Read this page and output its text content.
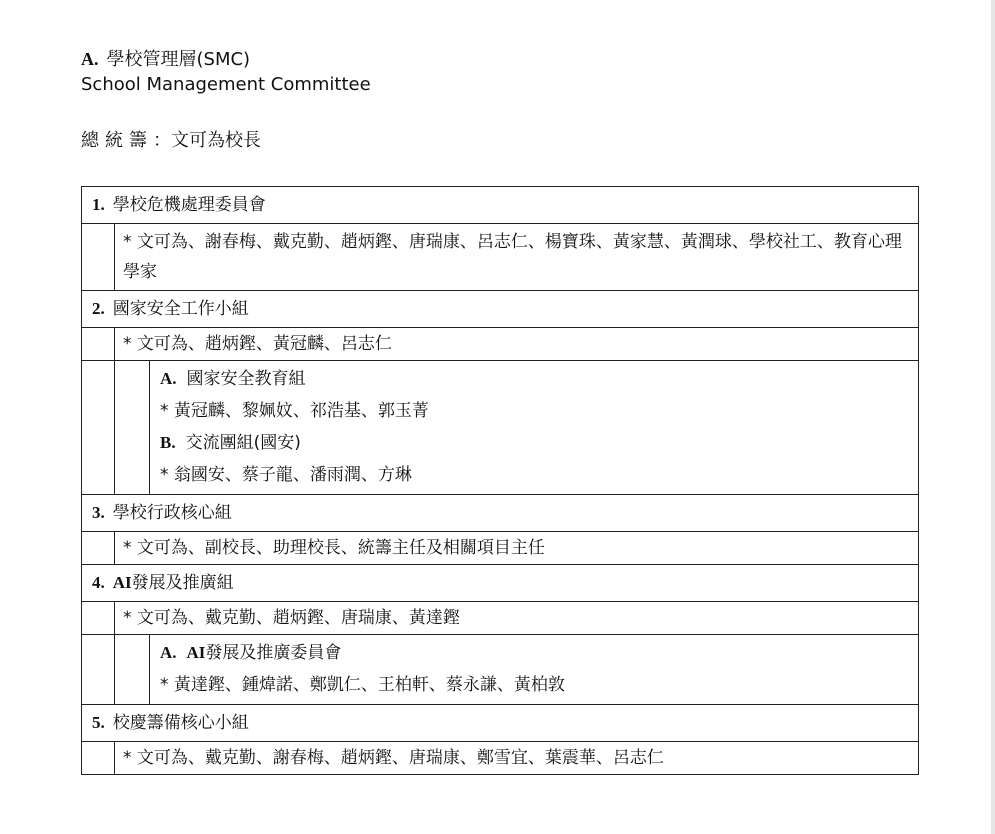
A. 學校管理層(SMC)
School Management Committee
總統籌：文可為校長
1. 學校危機處理委員會

* 文可為、謝春梅、戴克勤、趙炳鏗、唐瑞康、呂志仁、楊寶珠、黃家慧、黃潤球、學校社工、教育心理學家

2. 國家安全工作小組

* 文可為、趙炳鏗、黃冠麟、呂志仁

A. 國家安全教育組
* 黃冠麟、黎姵妏、祁浩基、郭玉菁
B. 交流團組(國安)
* 翁國安、蔡子龍、潘雨潤、方琳

3. 學校行政核心組

* 文可為、副校長、助理校長、統籌主任及相關項目主任

4. AI發展及推廣組

* 文可為、戴克勤、趙炳鏗、唐瑞康、黃達鏗

A. AI發展及推廣委員會
* 黃達鏗、鍾煒諾、鄭凱仁、王柏軒、蔡永謙、黃柏敦

5. 校慶籌備核心小組

* 文可為、戴克勤、謝春梅、趙炳鏗、唐瑞康、鄭雪宜、葉震華、呂志仁
